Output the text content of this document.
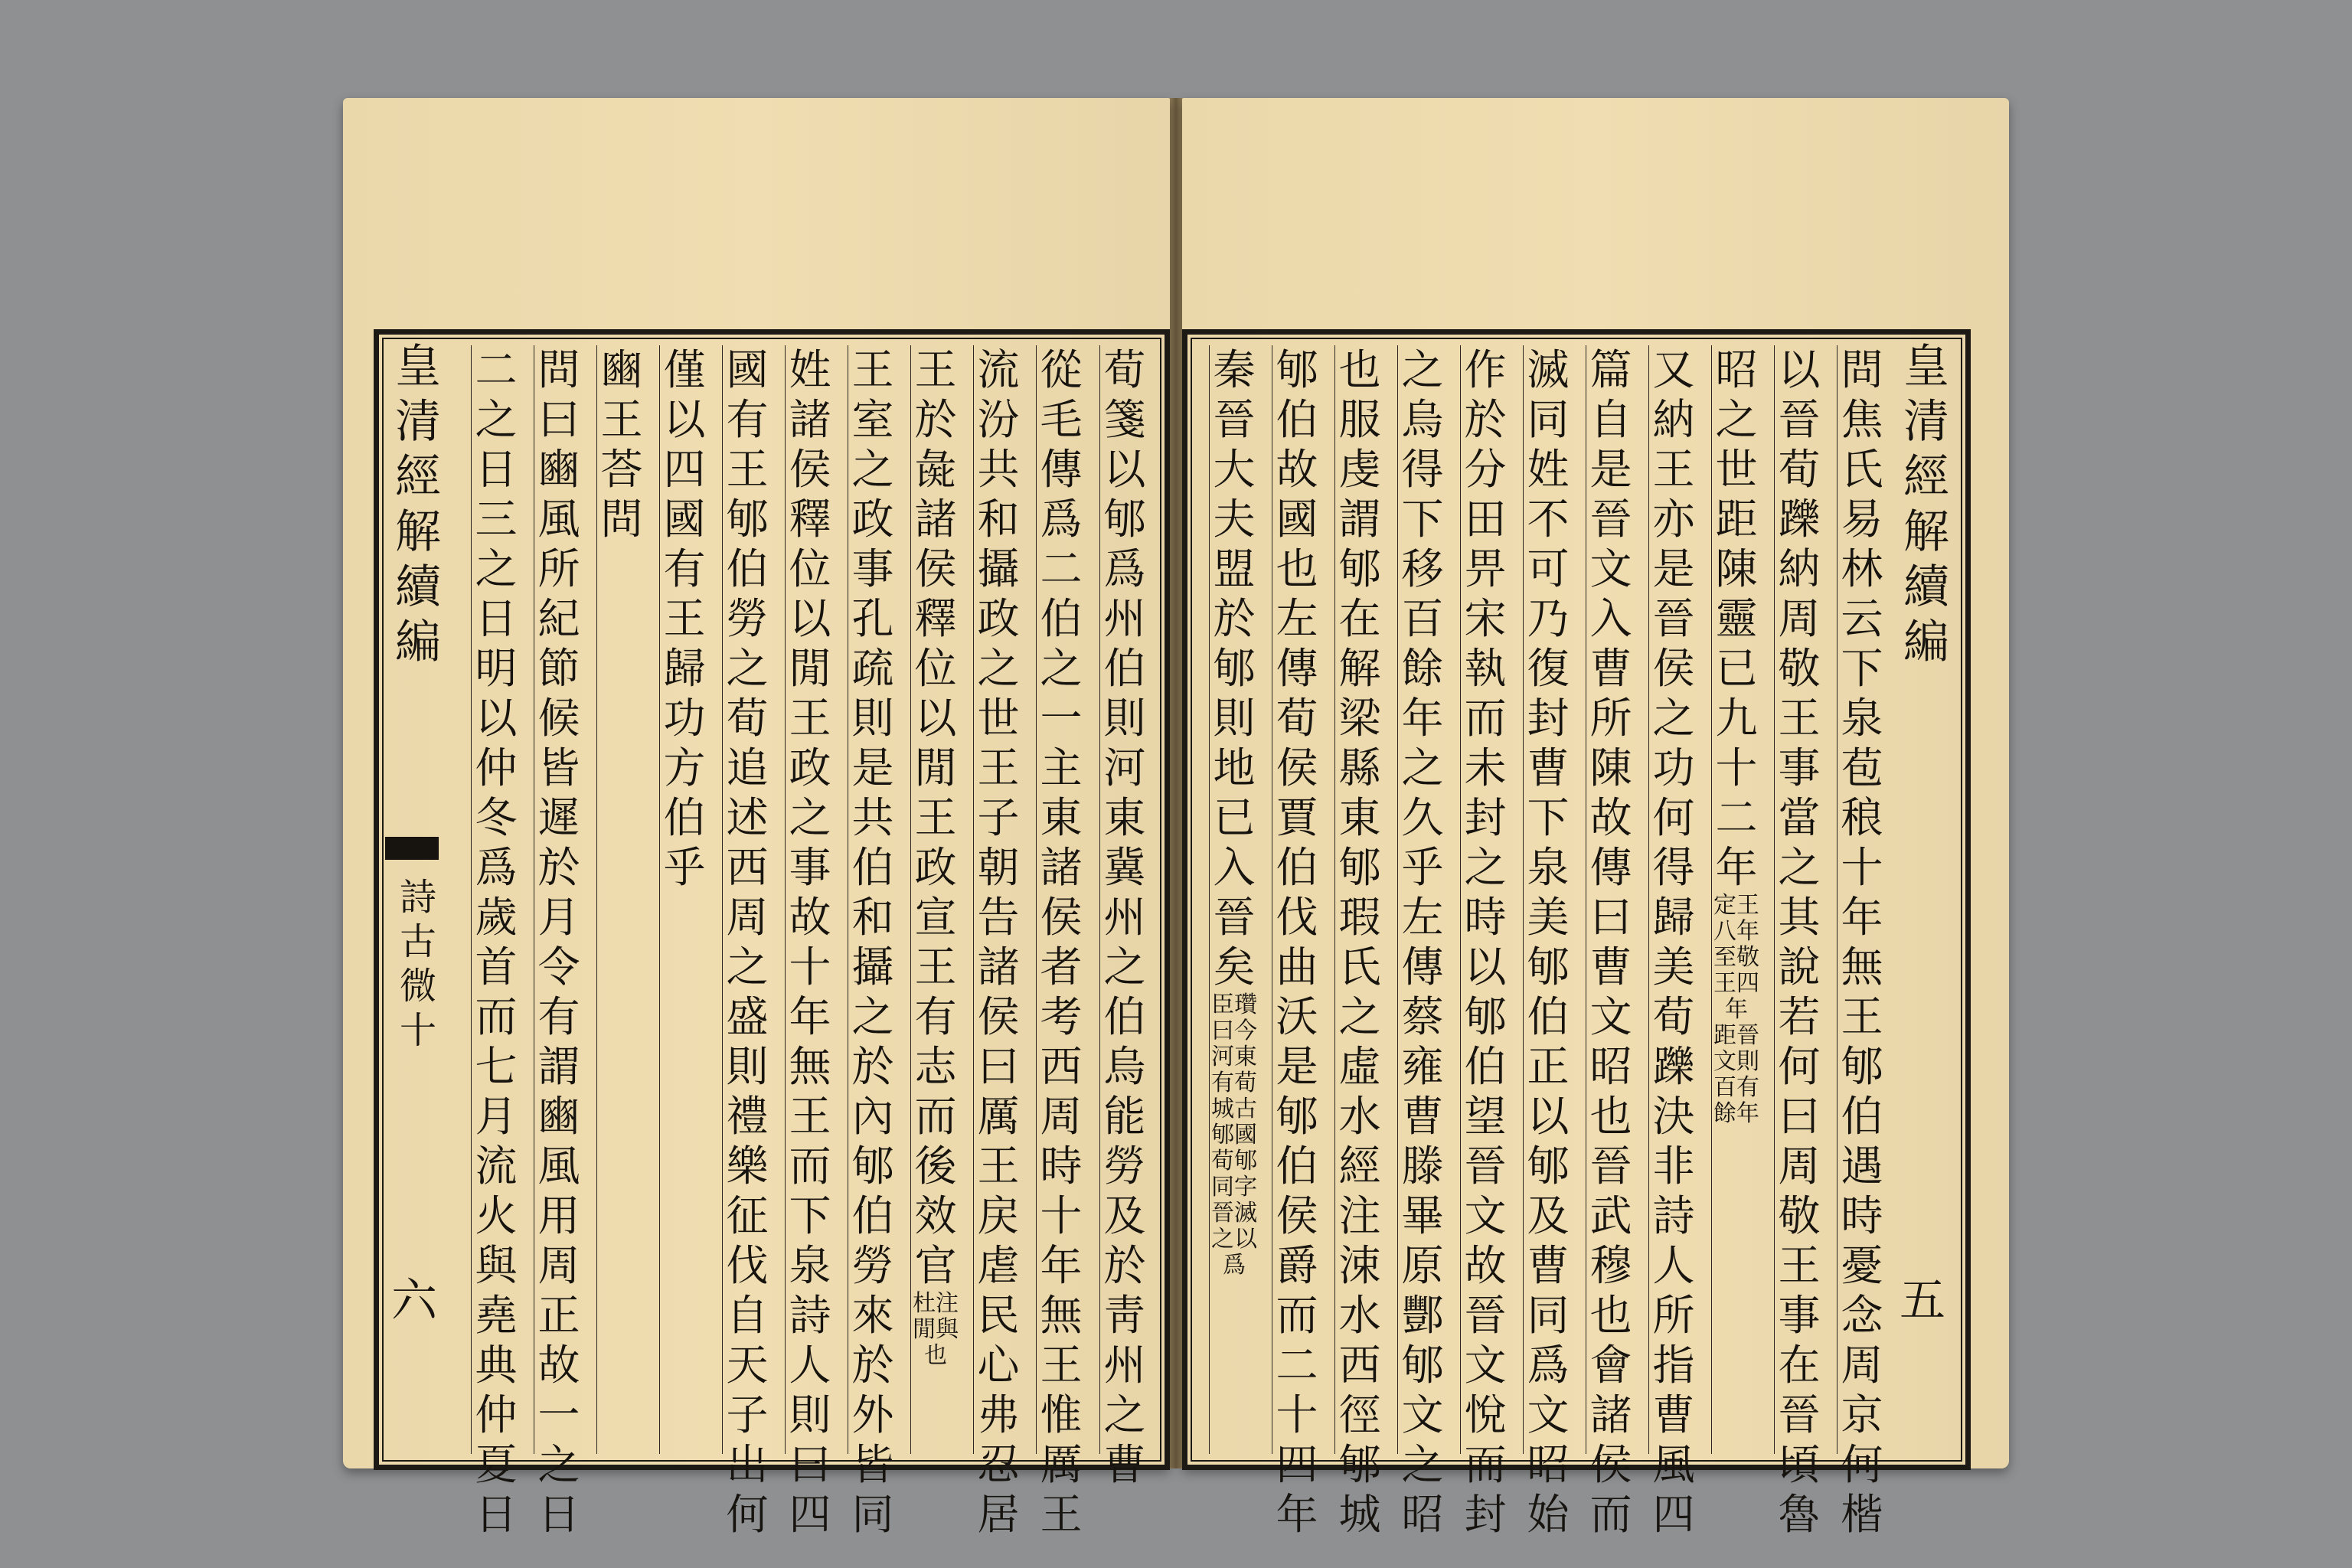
荀 箋以郇爲州伯則河東冀州之伯烏能勞及於靑州之曹
從毛傳爲二伯之一主東諸侯者考西周時十年無王惟厲王
流汾共和攝政之世王子朝告諸侯曰厲王戻虐民心弗忍居
王於彘諸侯釋位以閒王政宣王有志而後效官
杜注閒與也
王室之政事孔疏則是共伯和攝之於內郇伯勞來於外皆同
姓諸侯釋位以閒王政之事故十年無王而下泉詩人則曰四
國有王郇伯勞之荀追述西周之盛則禮樂征伐自天子出何
僅以四國有王歸功方伯乎
豳王荅問
問曰豳風所紀節候皆遲於月令有謂豳風用周正故一之日
二之日三之日明以仲冬爲歲首而七月流火與堯典仲夏日
皇清經解續編
詩古微十
六
皇清經解續編
五
問焦氏易林云下泉苞稂十年無王郇伯遇時憂念周京何楷
以晉荀躒納周敬王事當之其說若何曰周敬王事在晉頃魯
昭之世距陳靈已九十二年
定王八年至敬王四年
距晉文則百有餘年
又納王亦是晉侯之功何得歸美荀躒決非詩人所指曹風四
篇自是晉文入曹所陳故傳曰曹文昭也晉武穆也會諸侯而
滅同姓不可乃復封曹下泉美郇伯正以郇及曹同爲文昭始
作於分田畀宋執而未封之時以郇伯望晉文故晉文悅而封
之烏得下移百餘年之久乎左傳蔡雍曹滕畢原酆郇文之昭
也服虔謂郇在解梁縣東郇瑕氏之虛水經注涑水西徑郇城
郇伯故國也左傳荀侯賈伯伐曲沃是郇伯侯爵而二十四年
秦晉大夫盟於郇則地已入晉矣
臣瓚曰今河東有荀城古郇國荀郇同字晉滅之以爲
